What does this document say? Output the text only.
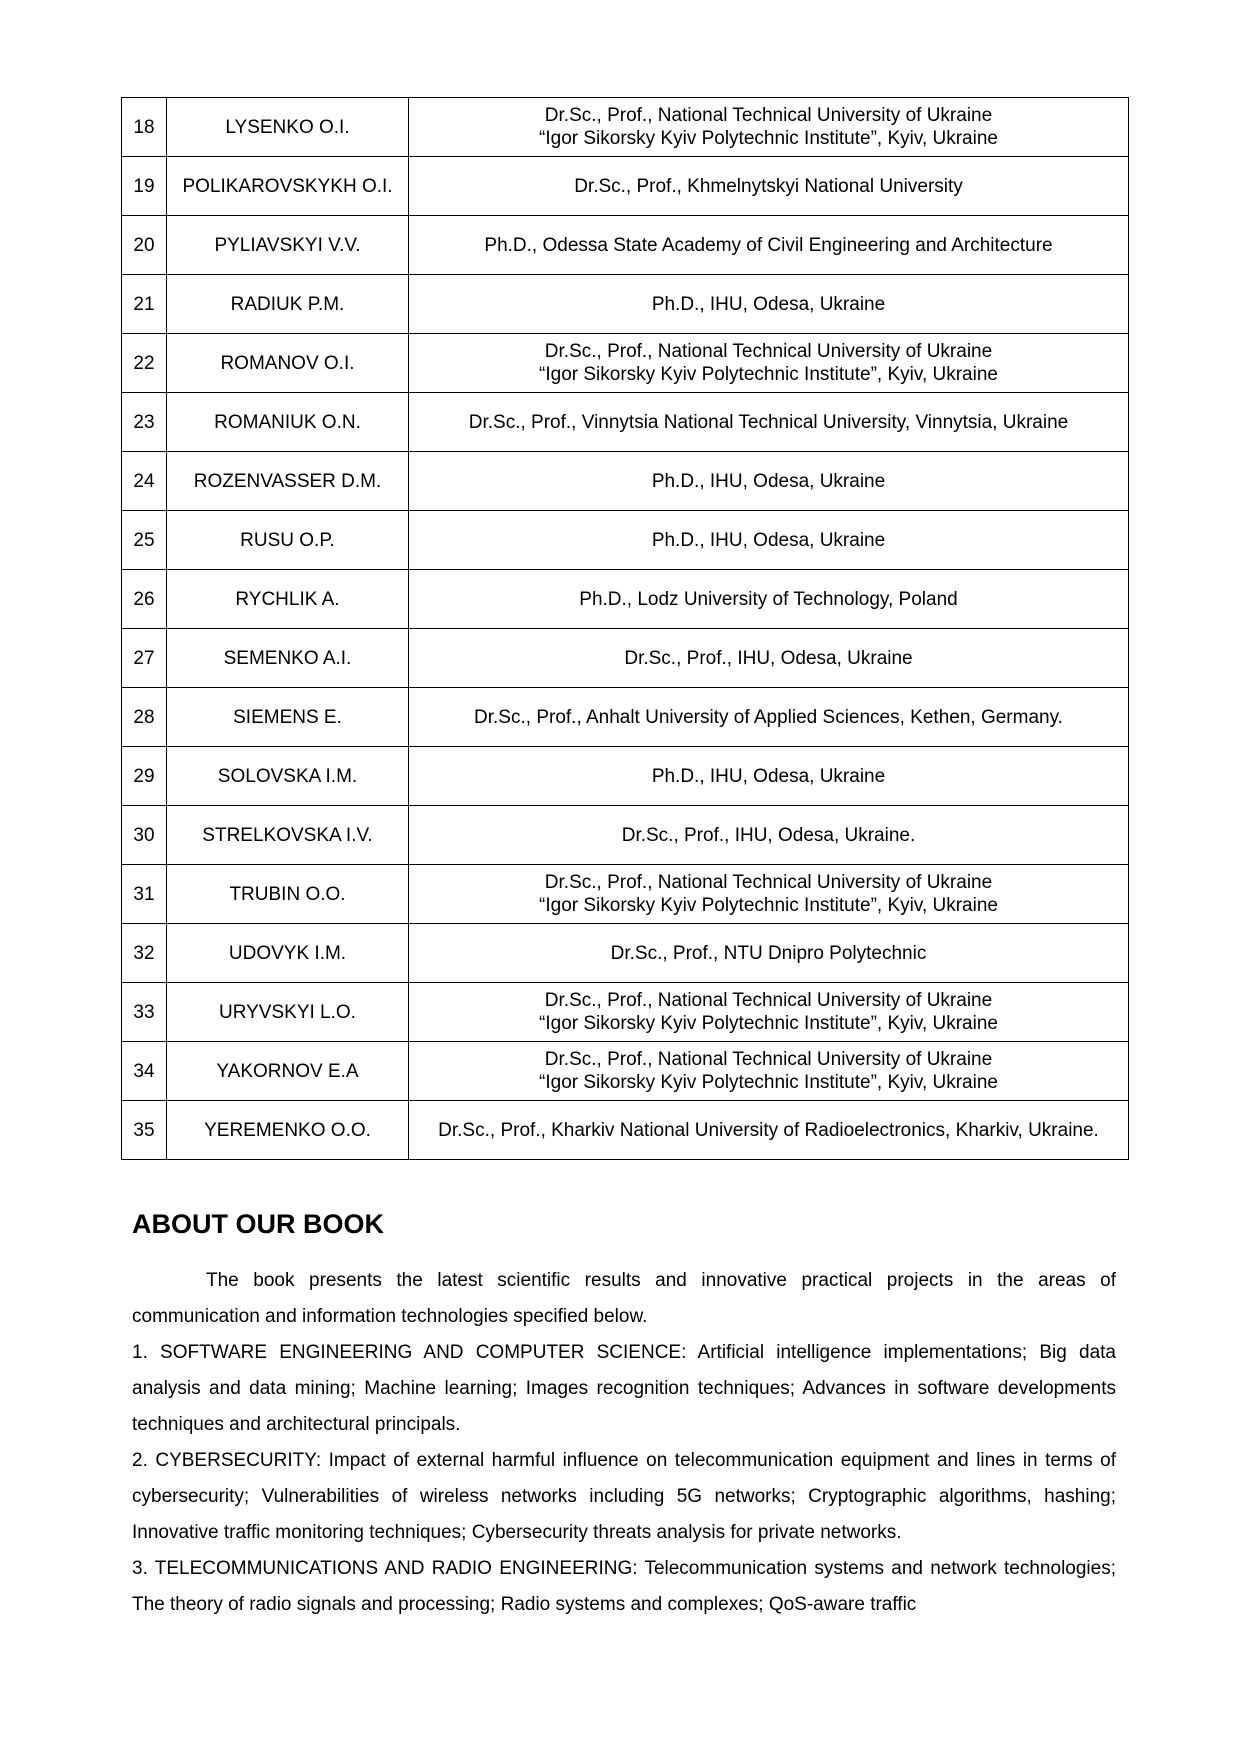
18	LYSENKO O.I.	Dr.Sc., Prof., National Technical University of Ukraine
“Igor Sikorsky Kyiv Polytechnic Institute”, Kyiv, Ukraine

19	POLIKAROVSKYKH O.I.	Dr.Sc., Prof., Khmelnytskyi National University

20	PYLIAVSKYI V.V.	Ph.D., Odessa State Academy of Civil Engineering and Architecture

21	RADIUK P.M.	Ph.D., IHU, Odesa, Ukraine

22	ROMANOV O.I.	Dr.Sc., Prof., National Technical University of Ukraine
“Igor Sikorsky Kyiv Polytechnic Institute”, Kyiv, Ukraine

23	ROMANIUK O.N.	Dr.Sc., Prof., Vinnytsia National Technical University, Vinnytsia, Ukraine

24	ROZENVASSER D.M.	Ph.D., IHU, Odesa, Ukraine

25	RUSU O.P.	Ph.D., IHU, Odesa, Ukraine

26	RYCHLIK A.	Ph.D., Lodz University of Technology, Poland

27	SEMENKO A.I.	Dr.Sc., Prof., IHU, Odesa, Ukraine

28	SIEMENS E.	Dr.Sc., Prof., Anhalt University of Applied Sciences, Kethen, Germany.

29	SOLOVSKA I.M.	Ph.D., IHU, Odesa, Ukraine

30	STRELKOVSKA I.V.	Dr.Sc., Prof., IHU, Odesa, Ukraine.

31	TRUBIN O.O.	Dr.Sc., Prof., National Technical University of Ukraine
“Igor Sikorsky Kyiv Polytechnic Institute”, Kyiv, Ukraine

32	UDOVYK I.M.	Dr.Sc., Prof., NTU Dnipro Polytechnic

33	URYVSKYI L.O.	Dr.Sc., Prof., National Technical University of Ukraine
“Igor Sikorsky Kyiv Polytechnic Institute”, Kyiv, Ukraine

34	YAKORNOV E.A	Dr.Sc., Prof., National Technical University of Ukraine
“Igor Sikorsky Kyiv Polytechnic Institute”, Kyiv, Ukraine

35	YEREMENKO O.O.	Dr.Sc., Prof., Kharkiv National University of Radioelectronics, Kharkiv, Ukraine.
ABOUT OUR BOOK

The book presents the latest scientific results and innovative practical projects in the areas of communication and information technologies specified below.

1. SOFTWARE ENGINEERING AND COMPUTER SCIENCE: Artificial intelligence implementations; Big data analysis and data mining; Machine learning; Images recognition techniques; Advances in software developments techniques and architectural principals.

2. CYBERSECURITY: Impact of external harmful influence on telecommunication equipment and lines in terms of cybersecurity; Vulnerabilities of wireless networks including 5G networks; Cryptographic algorithms, hashing; Innovative traffic monitoring techniques; Cybersecurity threats analysis for private networks.

3. TELECOMMUNICATIONS AND RADIO ENGINEERING: Telecommunication systems and network technologies; The theory of radio signals and processing; Radio systems and complexes; QoS-aware traffic
